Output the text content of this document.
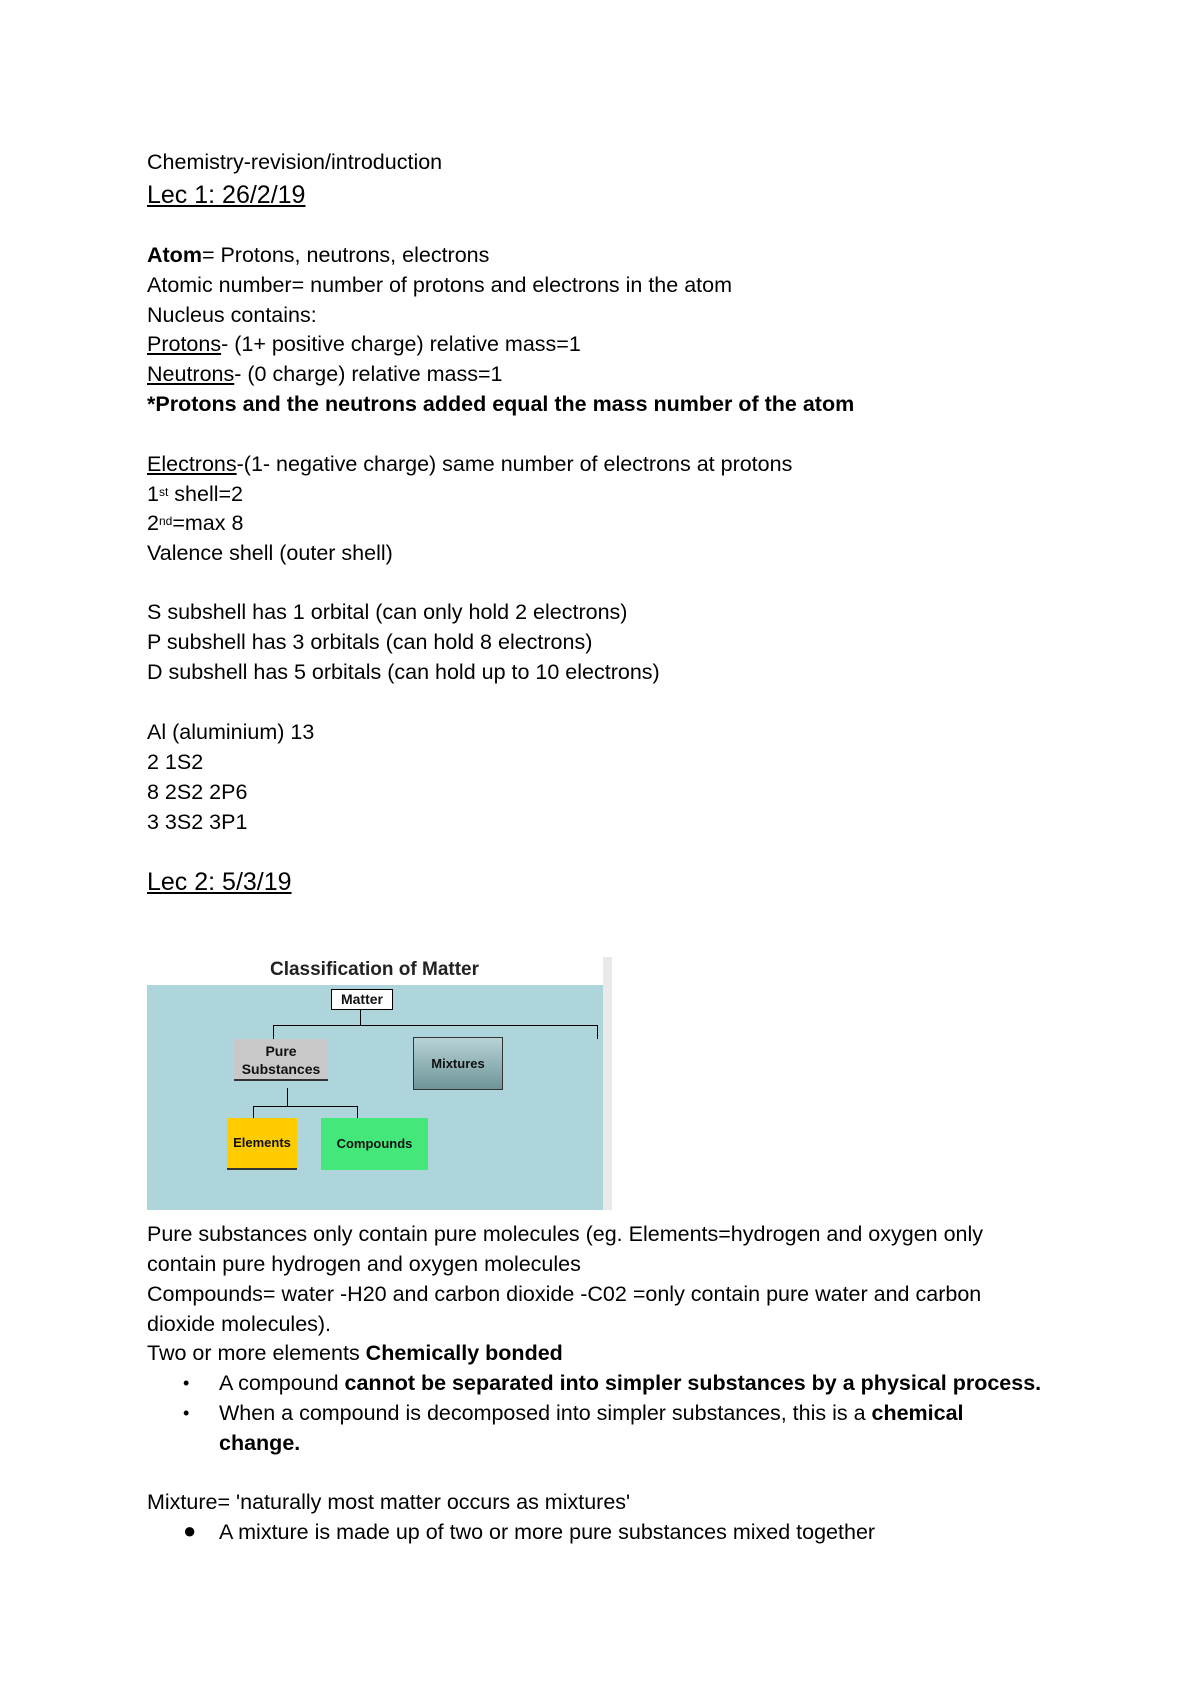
Chemistry-revision/introduction
Lec 1: 26/2/19
Atom= Protons, neutrons, electrons
Atomic number= number of protons and electrons in the atom
Nucleus contains:
Protons- (1+ positive charge) relative mass=1
Neutrons- (0 charge) relative mass=1
*Protons and the neutrons added equal the mass number of the atom
Electrons-(1- negative charge) same number of electrons at protons
1st shell=2
2nd=max 8
Valence shell (outer shell)
S subshell has 1 orbital (can only hold 2 electrons)
P subshell has 3 orbitals (can hold 8 electrons)
D subshell has 5 orbitals (can hold up to 10 electrons)
Al (aluminium) 13
2 1S2
8 2S2 2P6
3 3S2 3P1
Lec 2: 5/3/19
Classification of Matter
Matter
Pure
Substances	Mixtures
Elements	Compounds
Pure substances only contain pure molecules (eg. Elements=hydrogen and oxygen only
contain pure hydrogen and oxygen molecules
Compounds= water -H20 and carbon dioxide -C02 =only contain pure water and carbon
dioxide molecules).
Two or more elements Chemically bonded
• A compound cannot be separated into simpler substances by a physical process.
• When a compound is decomposed into simpler substances, this is a chemical
change.
Mixture= 'naturally most matter occurs as mixtures'
● A mixture is made up of two or more pure substances mixed together
